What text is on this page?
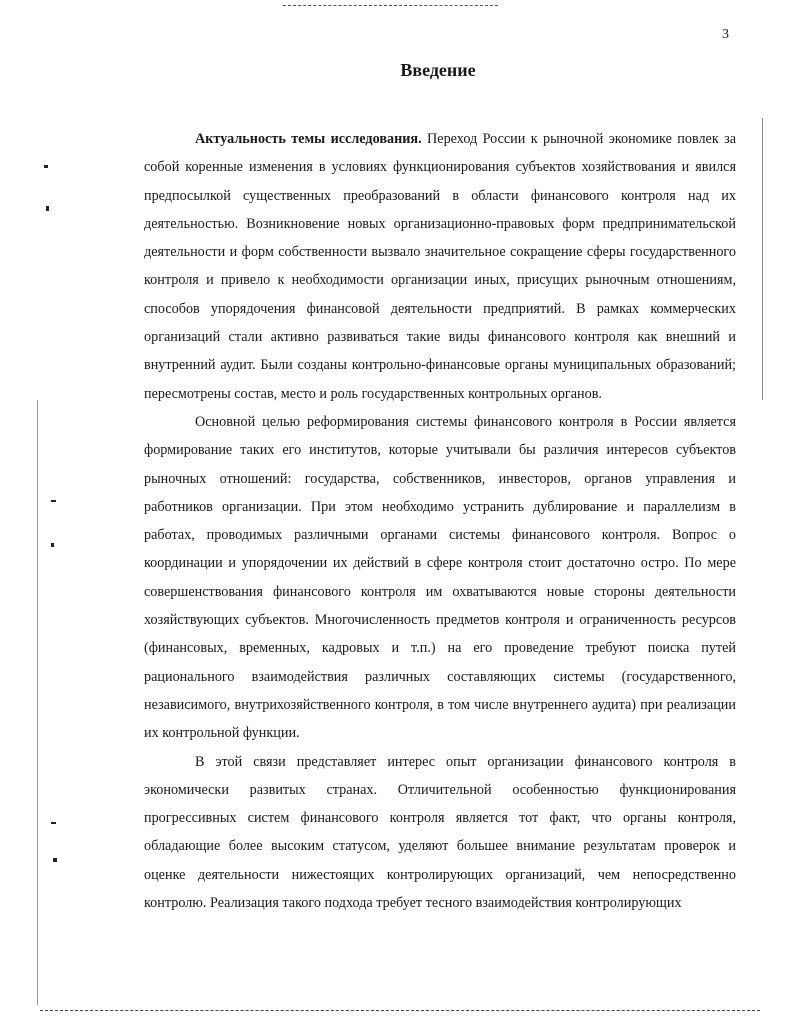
3
Введение

Актуальность темы исследования. Переход России к рыночной экономике повлек за собой коренные изменения в условиях функционирования субъектов хозяйствования и явился предпосылкой существенных преобразований в области финансового контроля над их деятельностью. Возникновение новых организационно-правовых форм предпринимательской деятельности и форм собственности вызвало значительное сокращение сферы государственного контроля и привело к необходимости организации иных, присущих рыночным отношениям, способов упорядочения финансовой деятельности предприятий. В рамках коммерческих организаций стали активно развиваться такие виды финансового контроля как внешний и внутренний аудит. Были созданы контрольно-финансовые органы муниципальных образований; пересмотрены состав, место и роль государственных контрольных органов.

Основной целью реформирования системы финансового контроля в России является формирование таких его институтов, которые учитывали бы различия интересов субъектов рыночных отношений: государства, собственников, инвесторов, органов управления и работников организации. При этом необходимо устранить дублирование и параллелизм в работах, проводимых различными органами системы финансового контроля. Вопрос о координации и упорядочении их действий в сфере контроля стоит достаточно остро. По мере совершенствования финансового контроля им охватываются новые стороны деятельности хозяйствующих субъектов. Многочисленность предметов контроля и ограниченность ресурсов (финансовых, временных, кадровых и т.п.) на его проведение требуют поиска путей рационального взаимодействия различных составляющих системы (государственного, независимого, внутрихозяйственного контроля, в том числе внутреннего аудита) при реализации их контрольной функции.

В этой связи представляет интерес опыт организации финансового контроля в экономически развитых странах. Отличительной особенностью функционирования прогрессивных систем финансового контроля является тот факт, что органы контроля, обладающие более высоким статусом, уделяют большее внимание результатам проверок и оценке деятельности нижестоящих контролирующих организаций, чем непосредственно контролю. Реализация такого подхода требует тесного взаимодействия контролирующих
